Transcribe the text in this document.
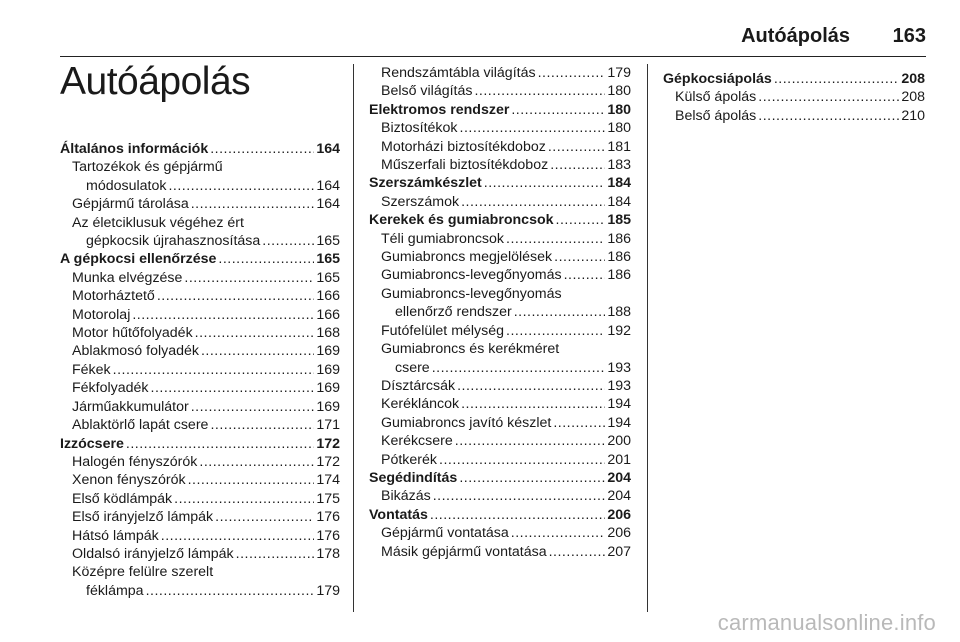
Autóápolás 163
Autóápolás
Általános információk .....	164
Tartozékok és gépjármű
módosulatok .....	164
Gépjármű tárolása .....	164
Az életciklusuk végéhez ért
gépkocsik újrahasznosítása .....	165
A gépkocsi ellenőrzése .....	165
Munka elvégzése .....	165
Motorháztető .....	166
Motorolaj .....	166
Motor hűtőfolyadék .....	168
Ablakmosó folyadék .....	169
Fékek .....	169
Fékfolyadék .....	169
Járműakkumulátor .....	169
Ablaktörlő lapát csere .....	171
Izzócsere .....	172
Halogén fényszórók .....	172
Xenon fényszórók .....	174
Első ködlámpák .....	175
Első irányjelző lámpák .....	176
Hátsó lámpák .....	176
Oldalsó irányjelző lámpák .....	178
Középre felülre szerelt
féklámpa .....	179
Rendszámtábla világítás .....	179
Belső világítás .....	180
Elektromos rendszer .....	180
Biztosítékok .....	180
Motorházi biztosítékdoboz .....	181
Műszerfali biztosítékdoboz .....	183
Szerszámkészlet .....	184
Szerszámok .....	184
Kerekek és gumiabroncsok .....	185
Téli gumiabroncsok .....	186
Gumiabroncs megjelölések .....	186
Gumiabroncs-levegőnyomás .....	186
Gumiabroncs-levegőnyomás
ellenőrző rendszer .....	188
Futófelület mélység .....	192
Gumiabroncs és kerékméret
csere .....	193
Dísztárcsák .....	193
Kerékláncok .....	194
Gumiabroncs javító készlet .....	194
Kerékcsere .....	200
Pótkerék .....	201
Segédindítás .....	204
Bikázás .....	204
Vontatás .....	206
Gépjármű vontatása .....	206
Másik gépjármű vontatása .....	207
Gépkocsiápolás .....	208
Külső ápolás .....	208
Belső ápolás .....	210
carmanualsonline.info
